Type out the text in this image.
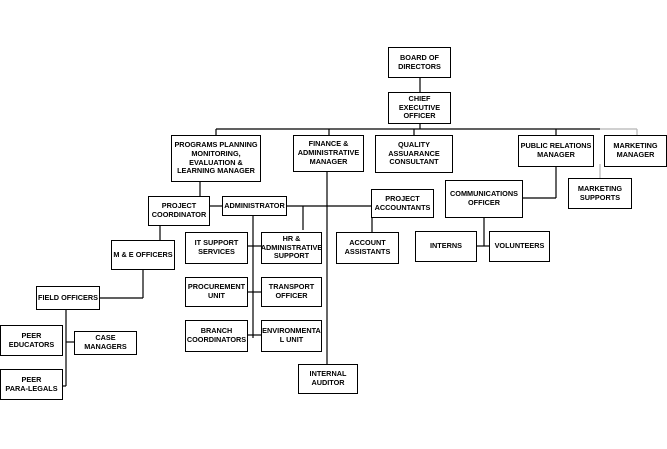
BOARD OF
DIRECTORS
CHIEF EXECUTIVE
OFFICER
PROGRAMS PLANNING
MONITORING,
EVALUATION &
LEARNING MANAGER
FINANCE &
ADMINISTRATIVE
MANAGER
QUALITY
ASSUARANCE
CONSULTANT
PUBLIC RELATIONS
MANAGER
MARKETING
MANAGER
PROJECT
COORDINATOR
ADMINISTRATOR
PROJECT
ACCOUNTANTS
COMMUNICATIONS
OFFICER
MARKETING
SUPPORTS
M & E OFFICERS
IT SUPPORT
SERVICES
HR &
ADMINISTRATIVE
SUPPORT
ACCOUNT
ASSISTANTS
INTERNS	VOLUNTEERS
PROCUREMENT
UNIT
TRANSPORT
OFFICER
FIELD OFFICERS
BRANCH
COORDINATORS
ENVIRONMENTA
L UNIT
PEER
EDUCATORS
CASE MANAGERS
INTERNAL
AUDITOR
PEER
PARA-LEGALS
